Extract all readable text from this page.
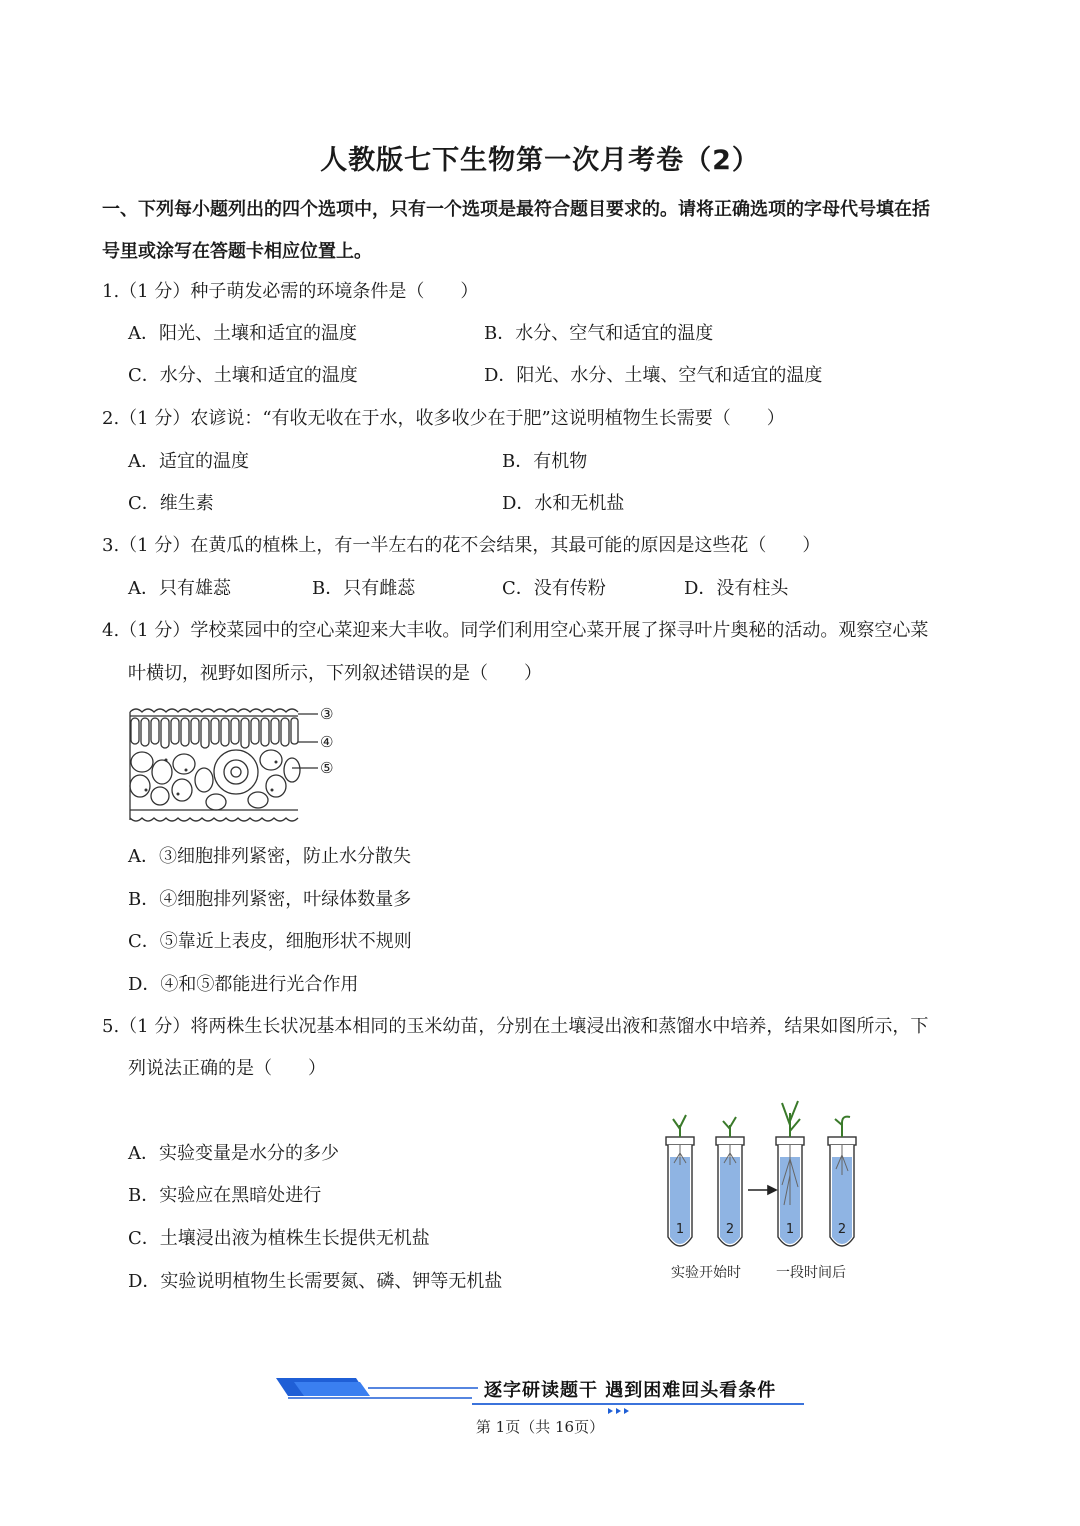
人教版七下生物第一次月考卷（2）
一、下列每小题列出的四个选项中，只有一个选项是最符合题目要求的。请将正确选项的字母代号填在括
号里或涂写在答题卡相应位置上。
1.（1 分）种子萌发必需的环境条件是（　　）
A．阳光、土壤和适宜的温度	B．水分、空气和适宜的温度
C．水分、土壤和适宜的温度	D．阳光、水分、土壤、空气和适宜的温度
2.（1 分）农谚说：“有收无收在于水，收多收少在于肥”这说明植物生长需要（　　）
A．适宜的温度	B．有机物
C．维生素	D．水和无机盐
3.（1 分）在黄瓜的植株上，有一半左右的花不会结果，其最可能的原因是这些花（　　）
A．只有雄蕊	B．只有雌蕊	C．没有传粉	D．没有柱头
4.（1 分）学校菜园中的空心菜迎来大丰收。同学们利用空心菜开展了探寻叶片奥秘的活动。观察空心菜
叶横切，视野如图所示，下列叙述错误的是（　　）
③
④
⑤
A．③细胞排列紧密，防止水分散失
B．④细胞排列紧密，叶绿体数量多
C．⑤靠近上表皮，细胞形状不规则
D．④和⑤都能进行光合作用
5.（1 分）将两株生长状况基本相同的玉米幼苗，分别在土壤浸出液和蒸馏水中培养，结果如图所示，下
列说法正确的是（　　）
A．实验变量是水分的多少
B．实验应在黑暗处进行
C．土壤浸出液为植株生长提供无机盐
D．实验说明植物生长需要氮、磷、钾等无机盐
1	2	1	2
实验开始时	一段时间后
逐字研读题干 遇到困难回头看条件
第 1页（共 16页）
